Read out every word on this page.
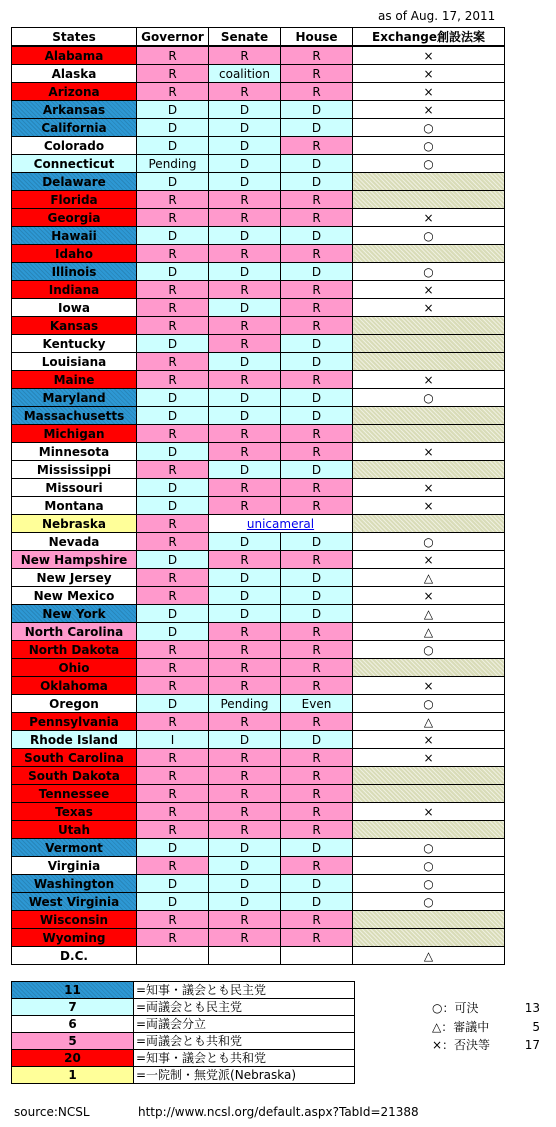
as of Aug. 17, 2011
States	Governor	Senate	House	Exchange創設法案
Alabama	R	R	R	×
Alaska	R	coalition	R	×
Arizona	R	R	R	×
Arkansas	D	D	D	×
California	D	D	D	○
Colorado	D	D	R	○
Connecticut	Pending	D	D	○
Delaware	D	D	D	
Florida	R	R	R	
Georgia	R	R	R	×
Hawaii	D	D	D	○
Idaho	R	R	R	
Illinois	D	D	D	○
Indiana	R	R	R	×
Iowa	R	D	R	×
Kansas	R	R	R	
Kentucky	D	R	D	
Louisiana	R	D	D	
Maine	R	R	R	×
Maryland	D	D	D	○
Massachusetts	D	D	D	
Michigan	R	R	R	
Minnesota	D	R	R	×
Mississippi	R	D	D	
Missouri	D	R	R	×
Montana	D	R	R	×
Nebraska	R	unicameral		
Nevada	R	D	D	○
New Hampshire	D	R	R	×
New Jersey	R	D	D	△
New Mexico	R	D	D	×
New York	D	D	D	△
North Carolina	D	R	R	△
North Dakota	R	R	R	○
Ohio	R	R	R	
Oklahoma	R	R	R	×
Oregon	D	Pending	Even	○
Pennsylvania	R	R	R	△
Rhode Island	I	D	D	×
South Carolina	R	R	R	×
South Dakota	R	R	R	
Tennessee	R	R	R	
Texas	R	R	R	×
Utah	R	R	R	
Vermont	D	D	D	○
Virginia	R	D	R	○
Washington	D	D	D	○
West Virginia	D	D	D	○
Wisconsin	R	R	R	
Wyoming	R	R	R	
D.C.				△
11	=知事・議会とも民主党
7	=両議会とも民主党
6	=両議会分立
5	=両議会とも共和党
20	=知事・議会とも共和党
1	=一院制・無党派(Nebraska)
○：可決	13
△：審議中	5
×：否決等	17
source:NCSL	http://www.ncsl.org/default.aspx?TabId=21388
